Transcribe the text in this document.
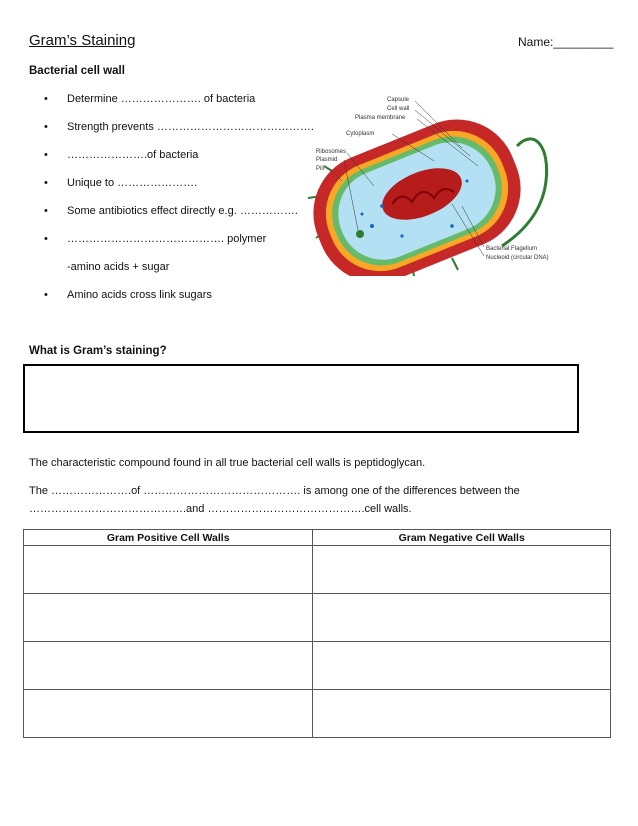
Gram’s Staining	Name:_________
Bacterial cell wall
• Determine …………………. of bacteria
• Strength prevents …………………………………….
• ………………….of bacteria
• Unique to ………………….
• Some antibiotics effect directly e.g. …………….
• ……………………………………. polymer
-amino acids + sugar
• Amino acids cross link sugars
Capsule
Cell wall
Plasma membrane
Cytoplasm
Ribosomes
Plasmid
Pili
Bacterial Flagellum
Nucleoid (circular DNA)
What is Gram’s staining?
The characteristic compound found in all true bacterial cell walls is peptidoglycan.
The ………………….of ……………………………………. is among one of the differences between the
…………………………………….and …………………………………….cell walls.
Gram Positive Cell Walls	Gram Negative Cell Walls
